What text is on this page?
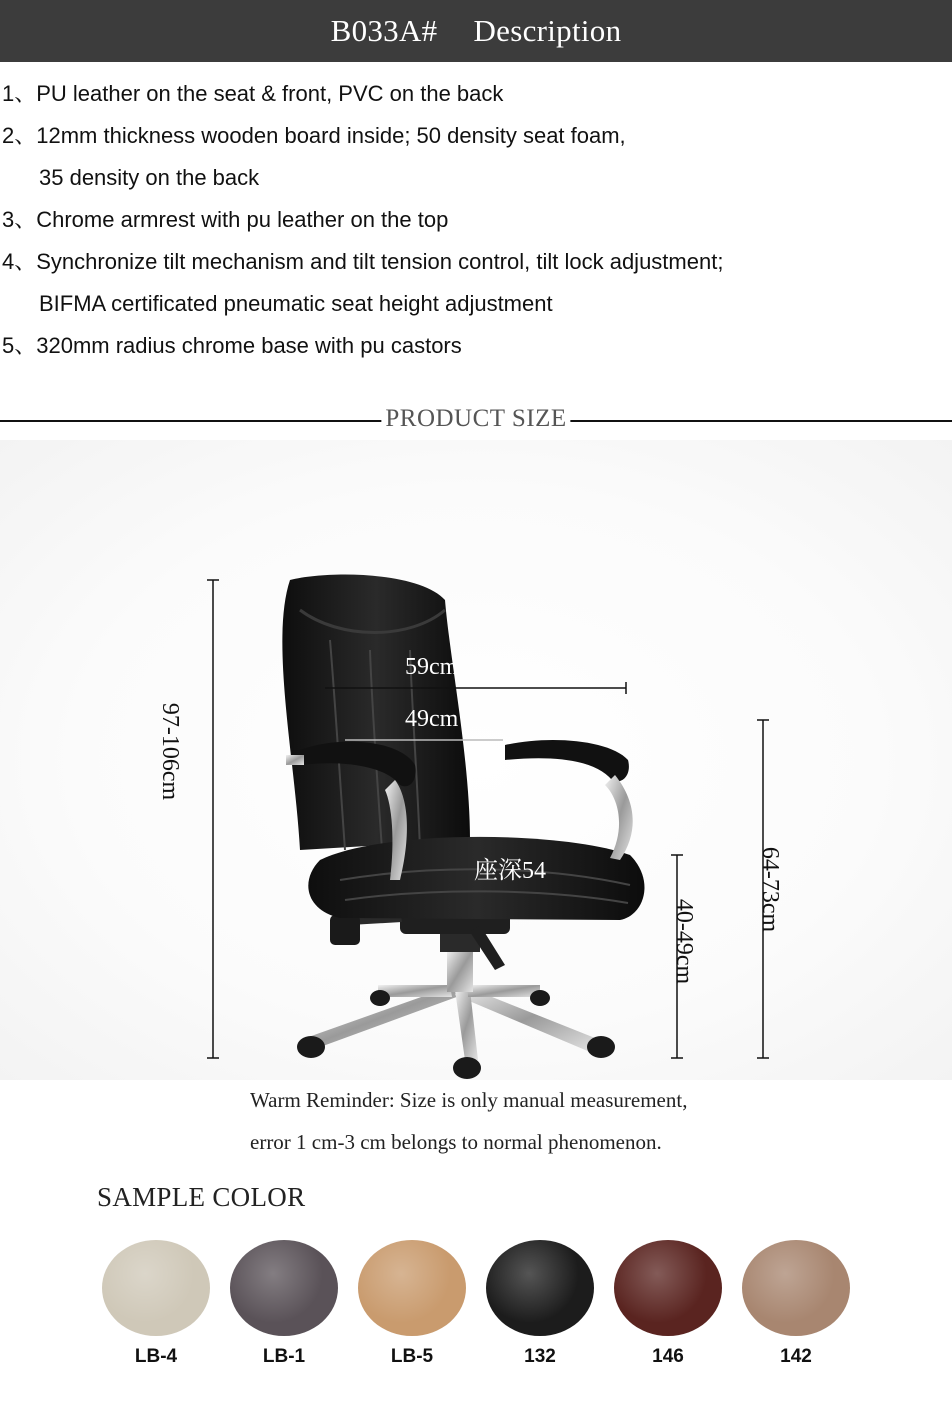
B033A# Description
1、PU leather on the seat & front, PVC on the back
2、12mm thickness wooden board inside; 50 density seat foam,
35 density on the back
3、Chrome armrest with pu leather on the top
4、Synchronize tilt mechanism and tilt tension control, tilt lock adjustment;
BIFMA certificated pneumatic seat height adjustment
5、320mm radius chrome base with pu castors
PRODUCT SIZE
97-106cm
59cm
49cm
座深54
40-49cm
64-73cm
Warm Reminder: Size is only manual measurement,
error 1 cm-3 cm belongs to normal phenomenon.
SAMPLE COLOR
LB-4	LB-1	LB-5	132	146	142
